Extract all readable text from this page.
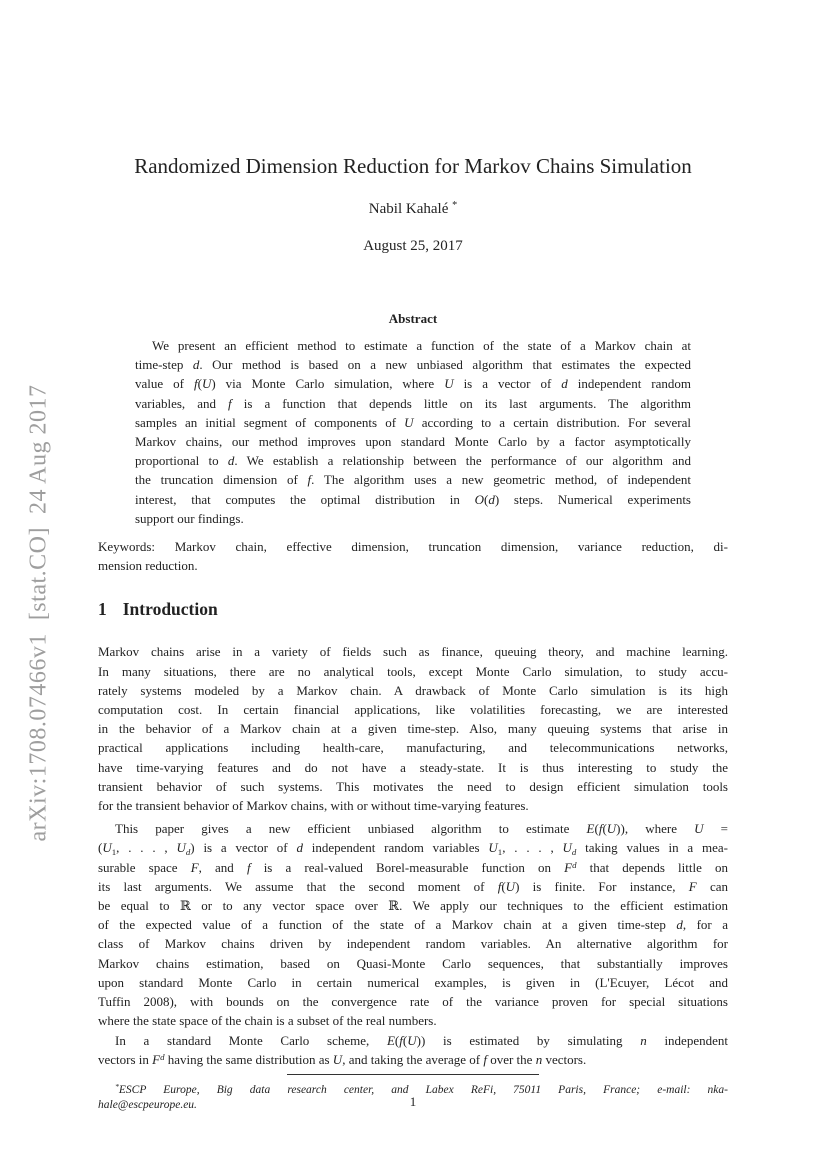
arXiv:1708.07466v1  [stat.CO]  24 Aug 2017
Randomized Dimension Reduction for Markov Chains Simulation
Nabil Kahalé *
August 25, 2017
Abstract
We present an efficient method to estimate a function of the state of a Markov chain at
time-step d. Our method is based on a new unbiased algorithm that estimates the expected
value of f(U) via Monte Carlo simulation, where U is a vector of d independent random
variables, and f is a function that depends little on its last arguments. The algorithm
samples an initial segment of components of U according to a certain distribution. For several
Markov chains, our method improves upon standard Monte Carlo by a factor asymptotically
proportional to d. We establish a relationship between the performance of our algorithm and
the truncation dimension of f. The algorithm uses a new geometric method, of independent
interest, that computes the optimal distribution in O(d) steps. Numerical experiments
support our findings.
Keywords: Markov chain, effective dimension, truncation dimension, variance reduction, di-
mension reduction.
1 Introduction
Markov chains arise in a variety of fields such as finance, queuing theory, and machine learning.
In many situations, there are no analytical tools, except Monte Carlo simulation, to study accu-
rately systems modeled by a Markov chain. A drawback of Monte Carlo simulation is its high
computation cost. In certain financial applications, like volatilities forecasting, we are interested
in the behavior of a Markov chain at a given time-step. Also, many queuing systems that arise in
practical applications including health-care, manufacturing, and telecommunications networks,
have time-varying features and do not have a steady-state. It is thus interesting to study the
transient behavior of such systems. This motivates the need to design efficient simulation tools
for the transient behavior of Markov chains, with or without time-varying features.
This paper gives a new efficient unbiased algorithm to estimate E(f(U)), where U =
($U_1$, . . . , $U_d$) is a vector of d independent random variables $U_1$, . . . , $U_d$ taking values in a mea-
surable space F, and f is a real-valued Borel-measurable function on $F^d$ that depends little on
its last arguments. We assume that the second moment of f(U) is finite. For instance, F can
be equal to ℝ or to any vector space over ℝ. We apply our techniques to the efficient estimation
of the expected value of a function of the state of a Markov chain at a given time-step d, for a
class of Markov chains driven by independent random variables. An alternative algorithm for
Markov chains estimation, based on Quasi-Monte Carlo sequences, that substantially improves
upon standard Monte Carlo in certain numerical examples, is given in (L'Ecuyer, Lécot and
Tuffin 2008), with bounds on the convergence rate of the variance proven for special situations
where the state space of the chain is a subset of the real numbers.
In a standard Monte Carlo scheme, E(f(U)) is estimated by simulating n independent
vectors in $F^d$ having the same distribution as U, and taking the average of f over the n vectors.
*ESCP Europe, Big data research center, and Labex ReFi, 75011 Paris, France; e-mail: nka-
hale@escpeurope.eu.	1
